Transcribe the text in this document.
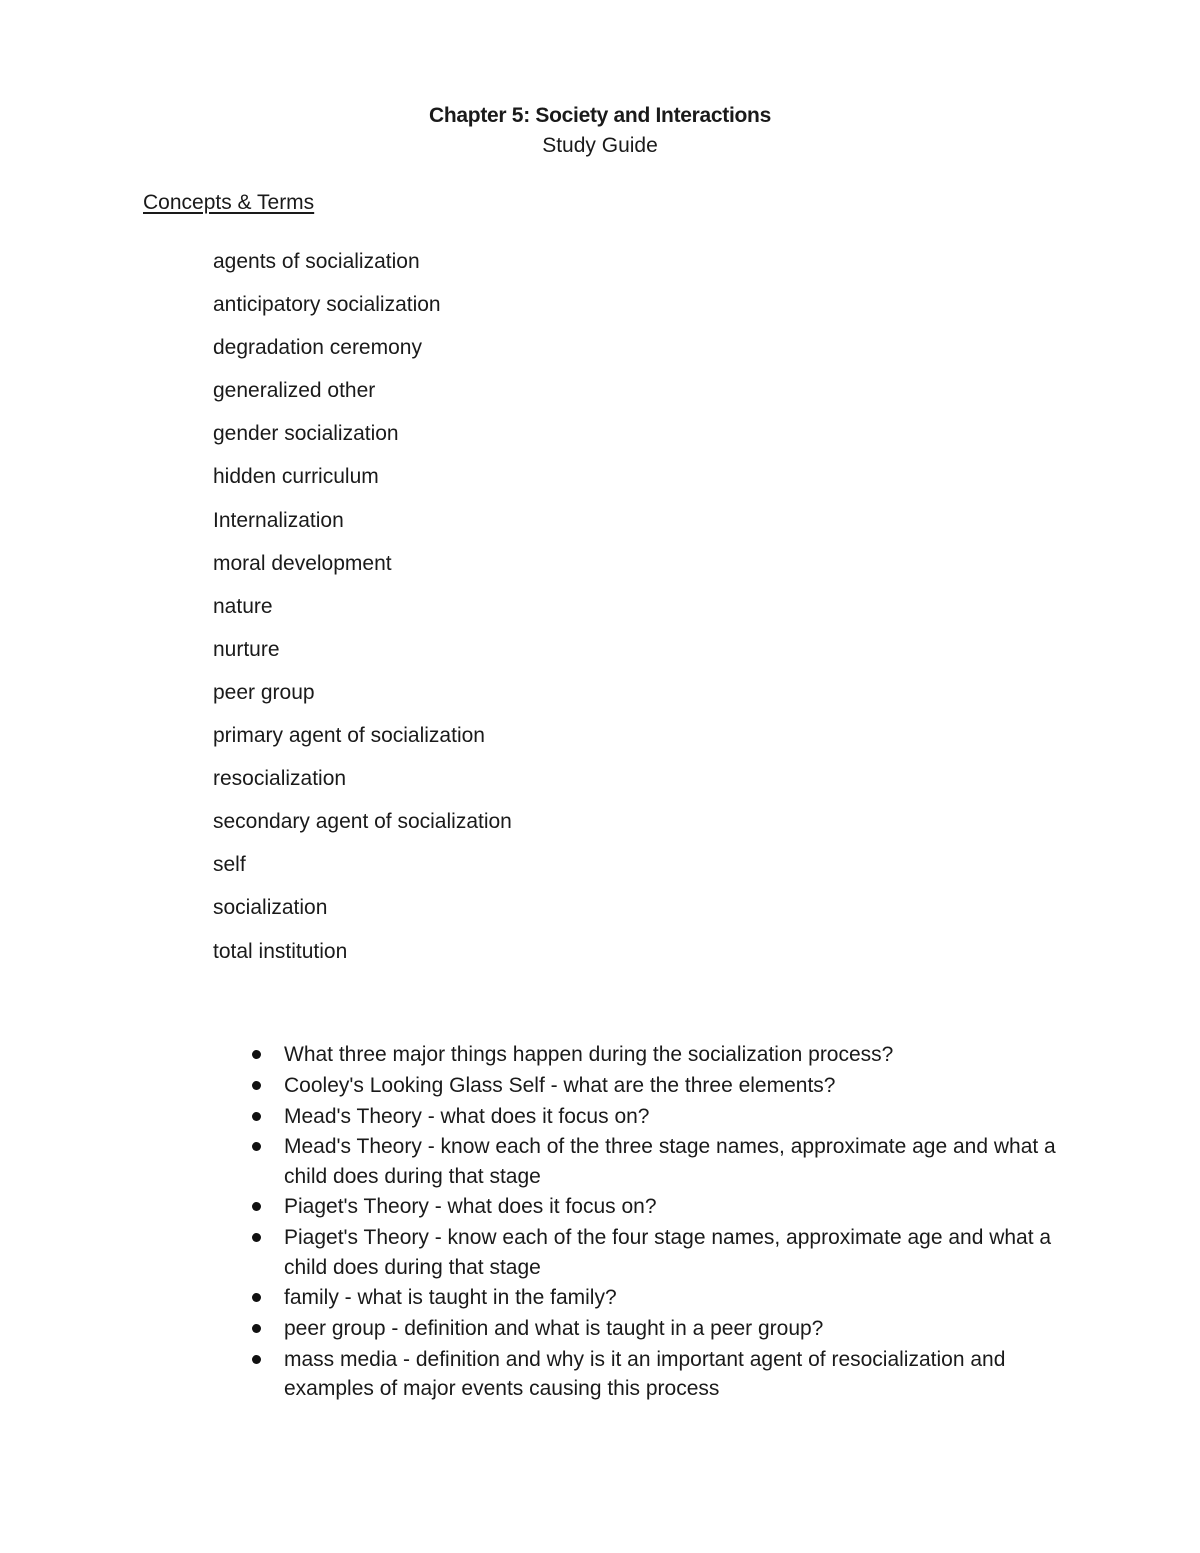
Chapter 5: Society and Interactions
Study Guide
Concepts & Terms
agents of socialization
anticipatory socialization
degradation ceremony
generalized other
gender socialization
hidden curriculum
Internalization
moral development
nature
nurture
peer group
primary agent of socialization
resocialization
secondary agent of socialization
self
socialization
total institution
What three major things happen during the socialization process?
Cooley's Looking Glass Self - what are the three elements?
Mead's Theory - what does it focus on?
Mead's Theory - know each of the three stage names, approximate age and what a child does during that stage
Piaget's Theory - what does it focus on?
Piaget's Theory - know each of the four stage names, approximate age and what a child does during that stage
family - what is taught in the family?
peer group - definition and what is taught in a peer group?
mass media - definition and why is it an important agent of resocialization and examples of major events causing this process
